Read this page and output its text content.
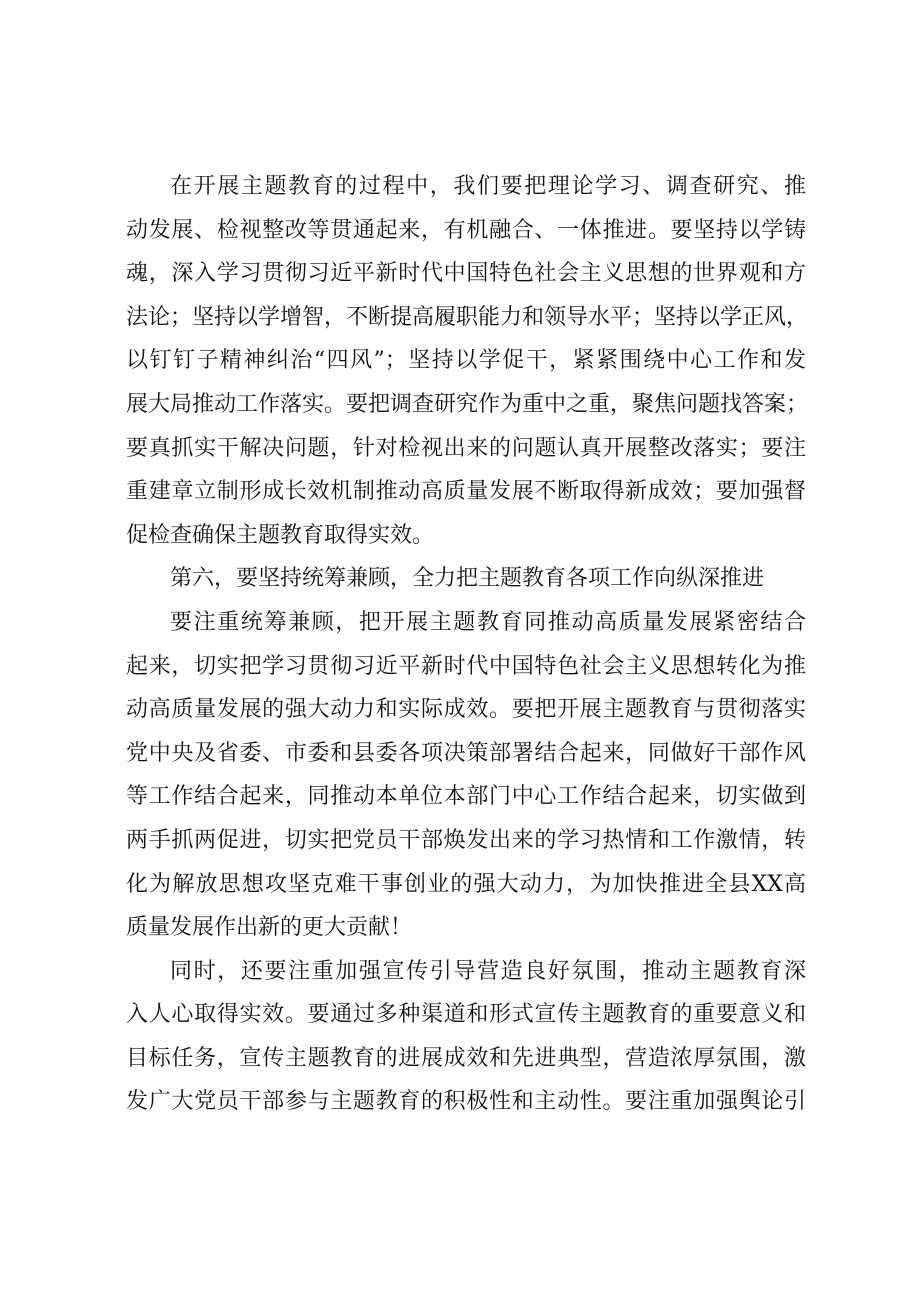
在开展主题教育的过程中，我们要把理论学习、调查研究、推
动发展、检视整改等贯通起来，有机融合、一体推进。要坚持以学铸
魂，深入学习贯彻习近平新时代中国特色社会主义思想的世界观和方
法论；坚持以学增智，不断提高履职能力和领导水平；坚持以学正风，
以钉钉子精神纠治“四风”；坚持以学促干，紧紧围绕中心工作和发
展大局推动工作落实。要把调查研究作为重中之重，聚焦问题找答案；
要真抓实干解决问题，针对检视出来的问题认真开展整改落实；要注
重建章立制形成长效机制推动高质量发展不断取得新成效；要加强督
促检查确保主题教育取得实效。
第六，要坚持统筹兼顾，全力把主题教育各项工作向纵深推进
要注重统筹兼顾，把开展主题教育同推动高质量发展紧密结合
起来，切实把学习贯彻习近平新时代中国特色社会主义思想转化为推
动高质量发展的强大动力和实际成效。要把开展主题教育与贯彻落实
党中央及省委、市委和县委各项决策部署结合起来，同做好干部作风
等工作结合起来，同推动本单位本部门中心工作结合起来，切实做到
两手抓两促进，切实把党员干部焕发出来的学习热情和工作激情，转
化为解放思想攻坚克难干事创业的强大动力，为加快推进全县XX高
质量发展作出新的更大贡献！
同时，还要注重加强宣传引导营造良好氛围，推动主题教育深
入人心取得实效。要通过多种渠道和形式宣传主题教育的重要意义和
目标任务，宣传主题教育的进展成效和先进典型，营造浓厚氛围，激
发广大党员干部参与主题教育的积极性和主动性。要注重加强舆论引
